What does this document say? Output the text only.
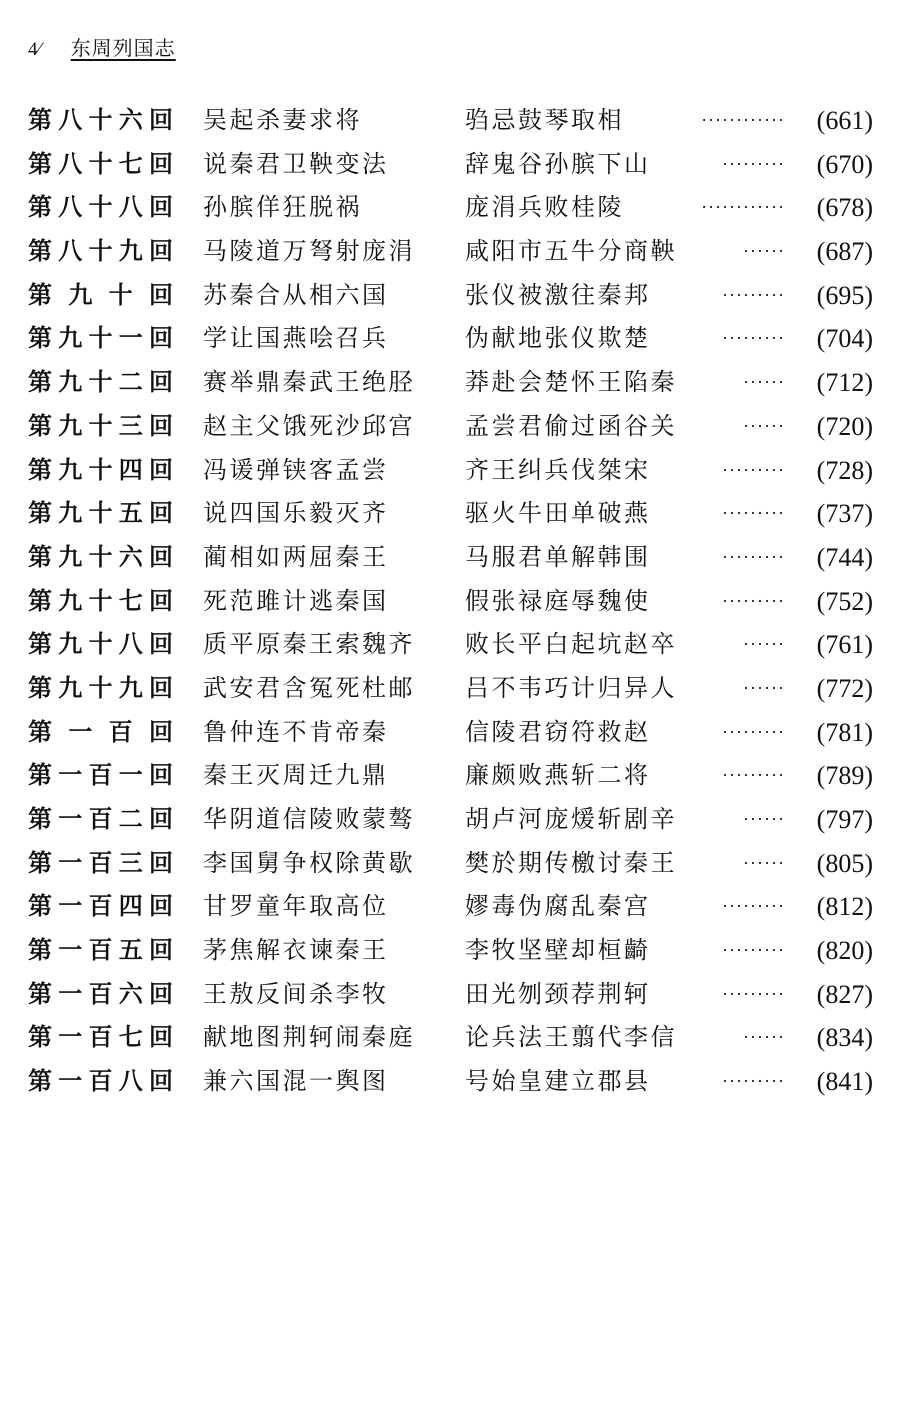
4⁄ 东周列国志
第 八 十 六 回 吴起杀妻求将	驺忌鼓琴取相	············ (661)
第 八 十 七 回 说秦君卫鞅变法	辞鬼谷孙膑下山	········· (670)
第 八 十 八 回 孙膑佯狂脱祸	庞涓兵败桂陵	············ (678)
第 八 十 九 回 马陵道万弩射庞涓 咸阳市五牛分商鞅	······ (687)
第 九 十 回 苏秦合从相六国	张仪被激往秦邦	········· (695)
第 九 十 一 回 学让国燕哙召兵	伪献地张仪欺楚	········· (704)
第 九 十 二 回 赛举鼎秦武王绝胫 莽赴会楚怀王陷秦	······ (712)
第 九 十 三 回 赵主父饿死沙邱宫 孟尝君偷过函谷关	······ (720)
第 九 十 四 回 冯谖弹铗客孟尝	齐王纠兵伐桀宋	········· (728)
第 九 十 五 回 说四国乐毅灭齐	驱火牛田单破燕	········· (737)
第 九 十 六 回 蔺相如两屈秦王	马服君单解韩围	········· (744)
第 九 十 七 回 死范雎计逃秦国	假张禄庭辱魏使	········· (752)
第 九 十 八 回 质平原秦王索魏齐 败长平白起坑赵卒	······ (761)
第 九 十 九 回 武安君含冤死杜邮 吕不韦巧计归异人	······ (772)
第 一 百 回 鲁仲连不肯帝秦	信陵君窃符救赵	········· (781)
第 一 百 一 回 秦王灭周迁九鼎	廉颇败燕斩二将	········· (789)
第 一 百 二 回 华阴道信陵败蒙骜 胡卢河庞煖斩剧辛	······ (797)
第 一 百 三 回 李国舅争权除黄歇 樊於期传檄讨秦王	······ (805)
第 一 百 四 回 甘罗童年取高位	嫪毒伪腐乱秦宫	········· (812)
第 一 百 五 回 茅焦解衣谏秦王	李牧坚壁却桓齮	········· (820)
第 一 百 六 回 王敖反间杀李牧	田光刎颈荐荆轲	········· (827)
第 一 百 七 回 献地图荆轲闹秦庭 论兵法王翦代李信	······ (834)
第 一 百 八 回 兼六国混一舆图	号始皇建立郡县	········· (841)
